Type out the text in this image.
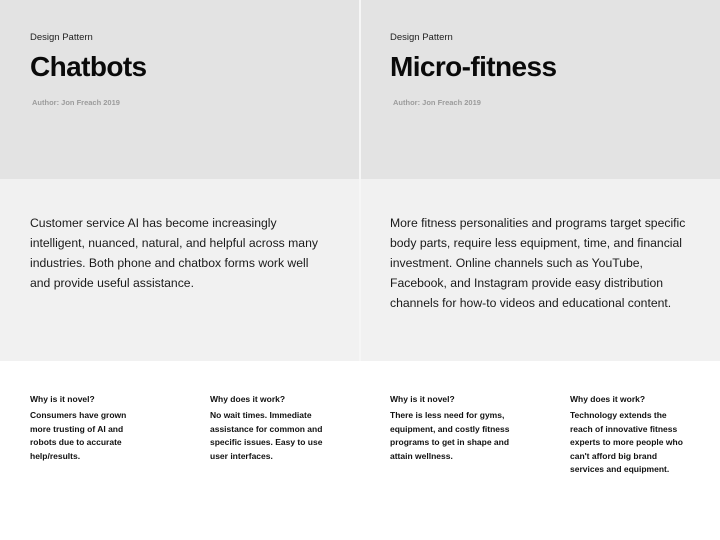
Design Pattern
Chatbots
Author: Jon Freach 2019
Customer service AI has become increasingly intelligent, nuanced, natural, and helpful across many industries. Both phone and chatbox forms work well and provide useful assistance.
Why is it novel?
Consumers have grown more trusting of AI and robots due to accurate help/results.
Why does it work?
No wait times. Immediate assistance for common and specific issues. Easy to use user interfaces.
Design Pattern
Micro-fitness
Author: Jon Freach 2019
More fitness personalities and programs target specific body parts, require less equipment, time, and financial investment. Online channels such as YouTube, Facebook, and Instagram provide easy distribution channels for how-to videos and educational content.
Why is it novel?
There is less need for gyms, equipment, and costly fitness programs to get in shape and attain wellness.
Why does it work?
Technology extends the reach of innovative fitness experts to more people who can't afford big brand services and equipment.
